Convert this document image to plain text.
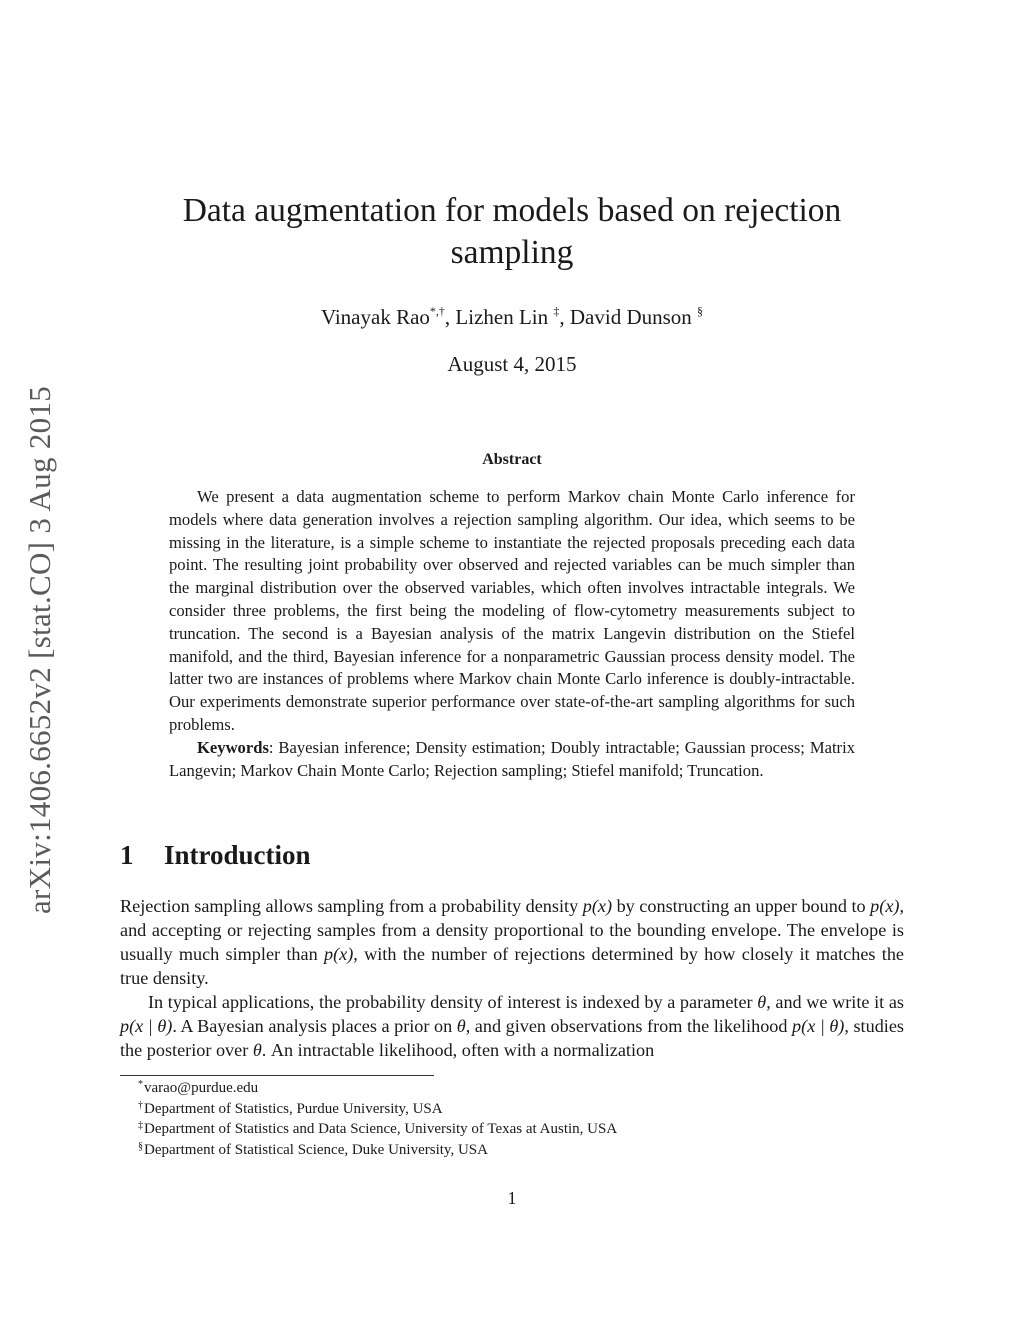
arXiv:1406.6652v2 [stat.CO] 3 Aug 2015
Data augmentation for models based on rejection
sampling
Vinayak Rao*,†, Lizhen Lin ‡, David Dunson §
August 4, 2015
Abstract

We present a data augmentation scheme to perform Markov chain Monte Carlo inference for models where data generation involves a rejection sampling algorithm. Our idea, which seems to be missing in the literature, is a simple scheme to instantiate the rejected proposals preceding each data point. The resulting joint probability over observed and rejected variables can be much simpler than the marginal distribution over the observed variables, which often involves intractable integrals. We consider three problems, the first being the modeling of flow-cytometry measurements subject to truncation. The second is a Bayesian analysis of the matrix Langevin distribution on the Stiefel manifold, and the third, Bayesian inference for a nonparametric Gaussian process density model. The latter two are instances of problems where Markov chain Monte Carlo inference is doubly-intractable. Our experiments demonstrate superior performance over state-of-the-art sampling algorithms for such problems.

Keywords: Bayesian inference; Density estimation; Doubly intractable; Gaussian process; Matrix Langevin; Markov Chain Monte Carlo; Rejection sampling; Stiefel manifold; Truncation.

1 Introduction

Rejection sampling allows sampling from a probability density p(x) by constructing an upper bound to p(x), and accepting or rejecting samples from a density proportional to the bounding envelope. The envelope is usually much simpler than p(x), with the number of rejections determined by how closely it matches the true density.

In typical applications, the probability density of interest is indexed by a parameter θ, and we write it as p(x | θ). A Bayesian analysis places a prior on θ, and given observations from the likelihood p(x | θ), studies the posterior over θ. An intractable likelihood, often with a normalization

*varao@purdue.edu
†Department of Statistics, Purdue University, USA
‡Department of Statistics and Data Science, University of Texas at Austin, USA
§Department of Statistical Science, Duke University, USA
1
